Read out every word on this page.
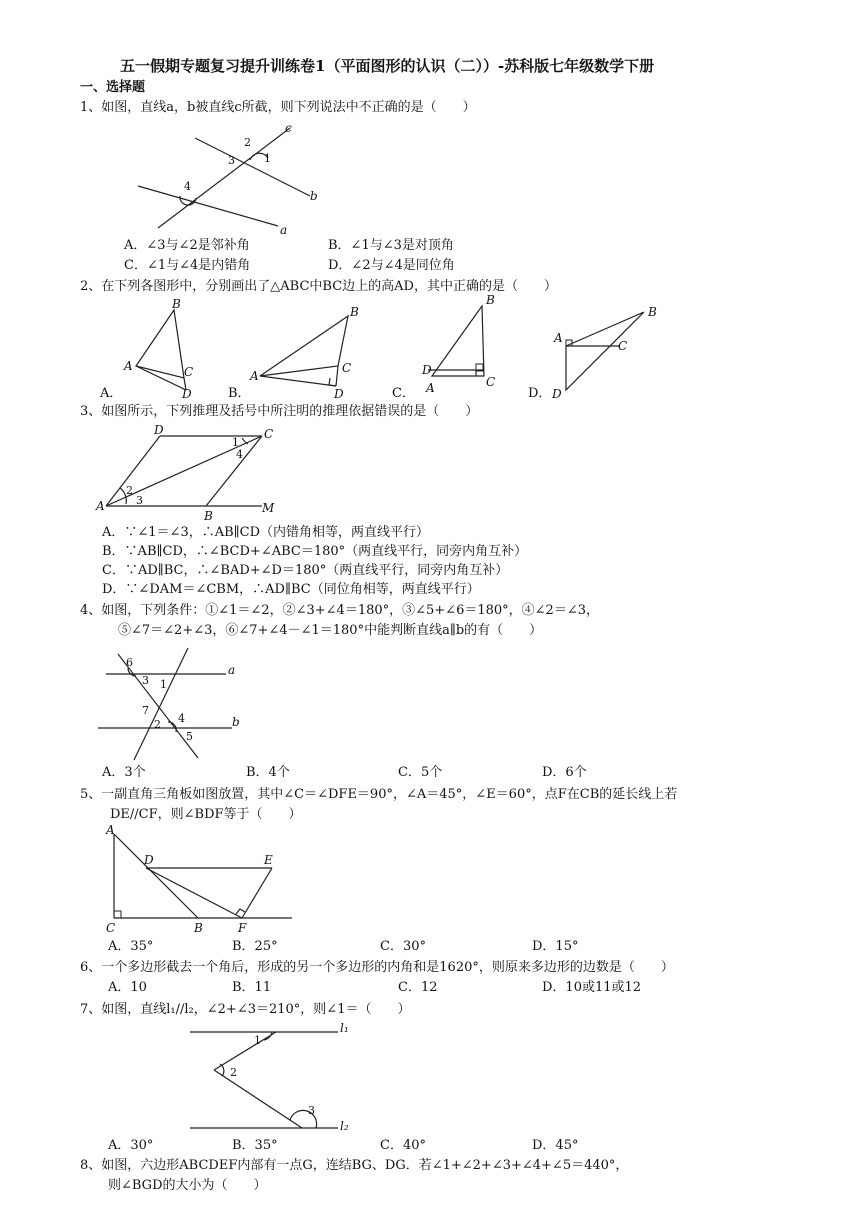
五一假期专题复习提升训练卷1（平面图形的认识（二））-苏科版七年级数学下册
一、选择题
1、如图，直线a，b被直线c所截，则下列说法中不正确的是（　　）
c
b
a
2
3	1
4
A．∠3与∠2是邻补角	B．∠1与∠3是对顶角
C．∠1与∠4是内错角	D．∠2与∠4是同位角
2、在下列各图形中，分别画出了△ABC中BC边上的高AD，其中正确的是（　　）
A．	B．	C．	D．
B
A	C
D
B
A
C
D
B
D
C
A
A
B
C
D
3、如图所示，下列推理及括号中所注明的推理依据错误的是（　　）
D	C
A
B
M
1
4
2
3
A．∵∠1＝∠3，∴AB∥CD（内错角相等，两直线平行）
B．∵AB∥CD，∴∠BCD+∠ABC＝180°（两直线平行，同旁内角互补）
C．∵AD∥BC，∴∠BAD+∠D＝180°（两直线平行，同旁内角互补）
D．∵∠DAM＝∠CBM，∴AD∥BC（同位角相等，两直线平行）
4、如图，下列条件：①∠1＝∠2，②∠3+∠4＝180°，③∠5+∠6＝180°，④∠2＝∠3，
⑤∠7＝∠2+∠3，⑥∠7+∠4－∠1＝180°中能判断直线a∥b的有（　　）
6
3 1
7
2 4
5
a
b
A．3个	B．4个	C．5个	D．6个
5、一副直角三角板如图放置，其中∠C＝∠DFE＝90°，∠A＝45°，∠E＝60°，点F在CB的延长线上若
DE//CF，则∠BDF等于（　　）
A
D	E
C	B	F
A．35°	B．25°	C．30°	D．15°
6、一个多边形截去一个角后，形成的另一个多边形的内角和是1620°，则原来多边形的边数是（　　）
A．10	B．11	C．12	D．10或11或12
7、如图，直线l₁//l₂，∠2+∠3＝210°，则∠1＝（　　）
l₁
l₂
1
2
3
A．30°	B．35°	C．40°	D．45°
8、如图，六边形ABCDEF内部有一点G，连结BG、DG．若∠1+∠2+∠3+∠4+∠5＝440°，
则∠BGD的大小为（　　）
